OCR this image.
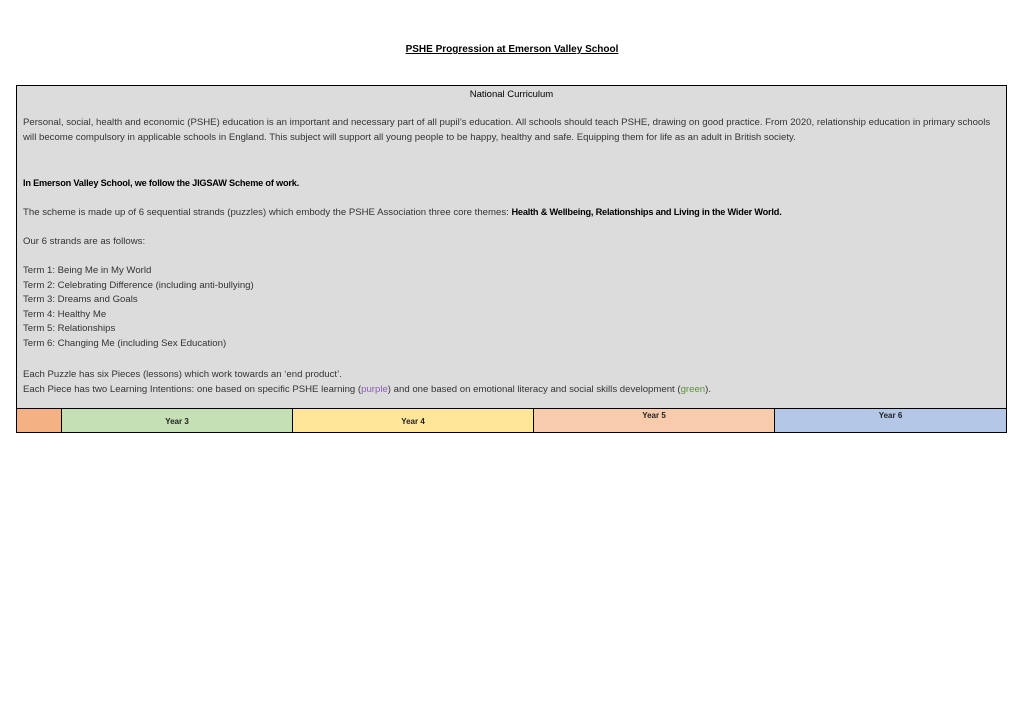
PSHE Progression at Emerson Valley School
National Curriculum

Personal, social, health and economic (PSHE) education is an important and necessary part of all pupil’s education. All schools should teach PSHE, drawing on good practice. From 2020, relationship education in primary schools will become compulsory in applicable schools in England. This subject will support all young people to be happy, healthy and safe. Equipping them for life as an adult in British society.

In Emerson Valley School, we follow the JIGSAW Scheme of work.

The scheme is made up of 6 sequential strands (puzzles) which embody the PSHE Association three core themes: Health & Wellbeing, Relationships and Living in the Wider World.

Our 6 strands are as follows:

Term 1: Being Me in My World
Term 2: Celebrating Difference (including anti-bullying)
Term 3: Dreams and Goals
Term 4: Healthy Me
Term 5: Relationships
Term 6: Changing Me (including Sex Education)

Each Puzzle has six Pieces (lessons) which work towards an ‘end product’.

Each Piece has two Learning Intentions: one based on specific PSHE learning (purple) and one based on emotional literacy and social skills development (green).

Year 3	Year 4
Year 5	Year 6
